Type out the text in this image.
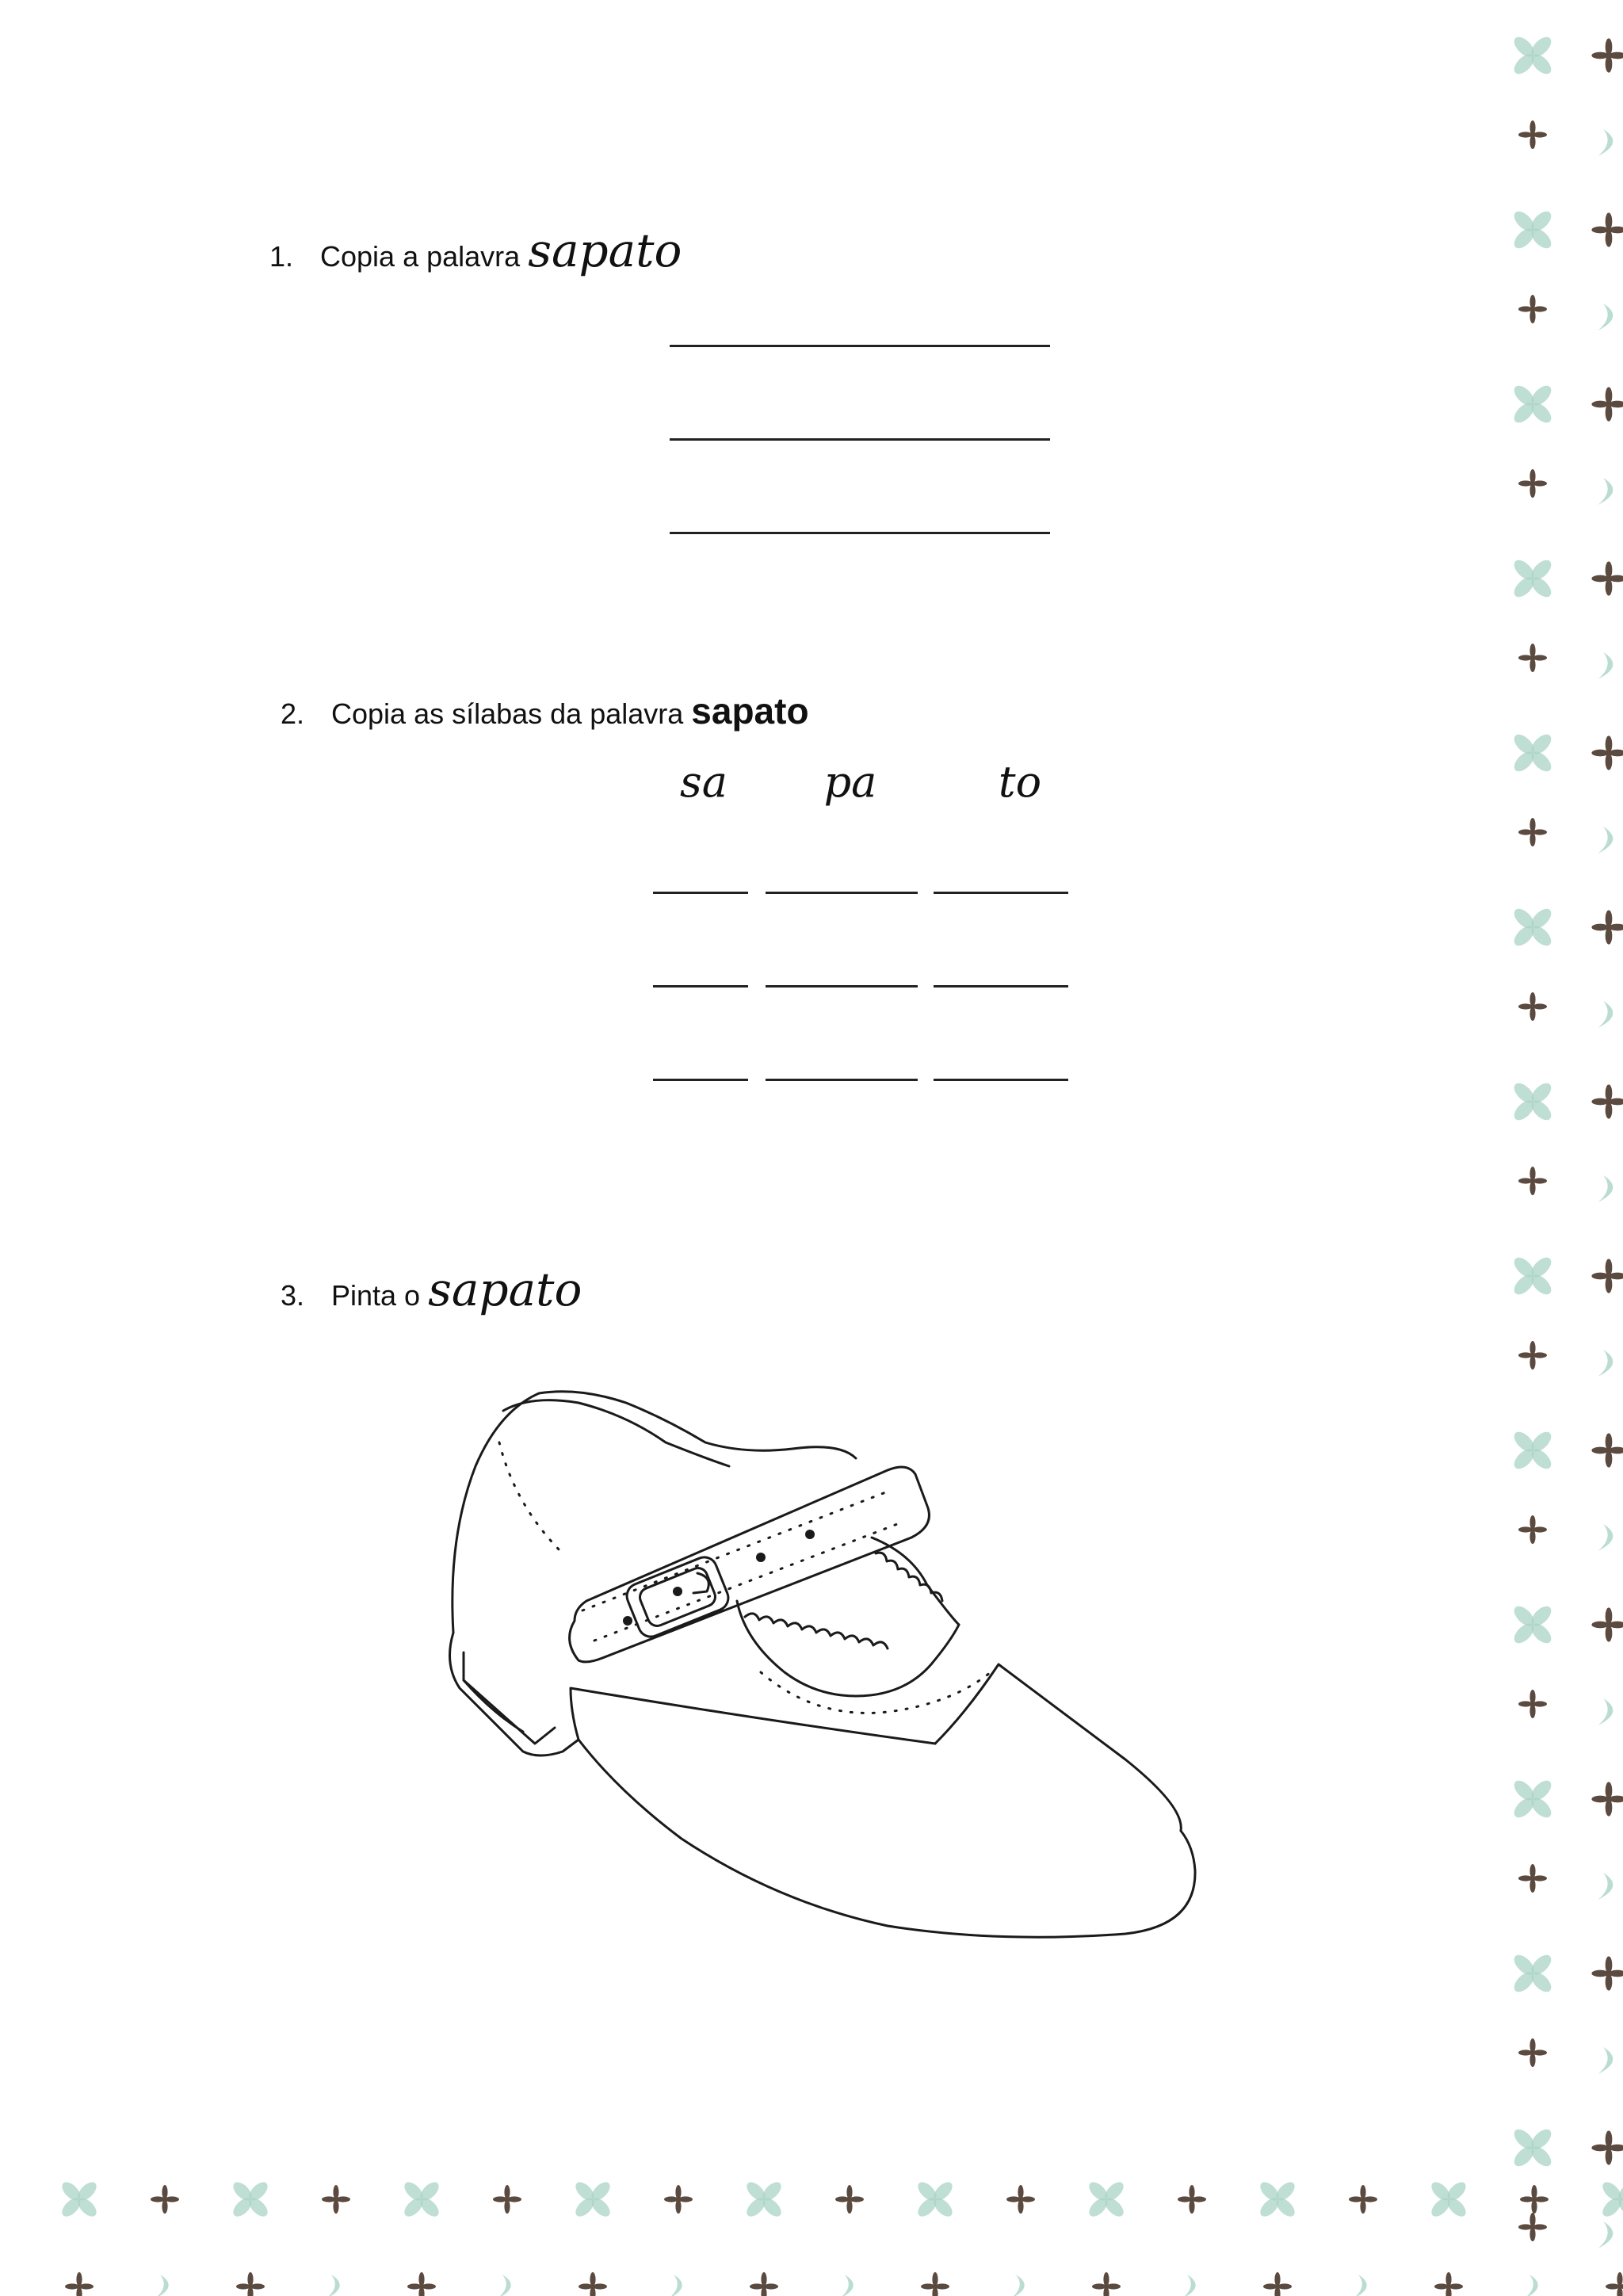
1. Copia a palavra sapato
2. Copia as sílabas da palavra sapato
sa	pa	to
3. Pinta o sapato
